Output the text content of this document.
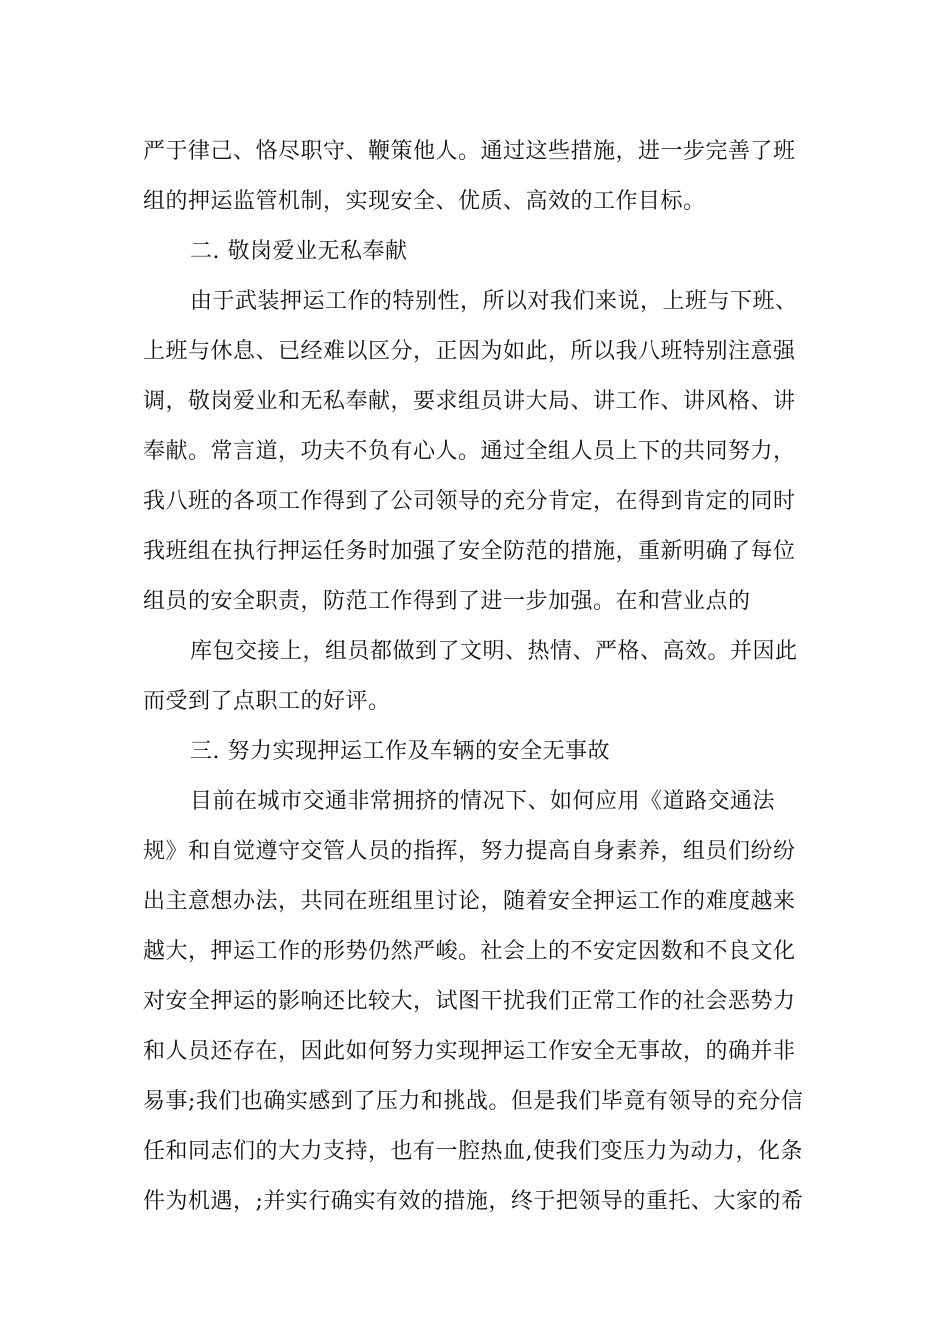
严于律己、恪尽职守、鞭策他人。通过这些措施，进一步完善了班
组的押运监管机制，实现安全、优质、高效的工作目标。
二. 敬岗爱业无私奉献
由于武装押运工作的特别性，所以对我们来说，上班与下班、
上班与休息、已经难以区分，正因为如此，所以我八班特别注意强
调，敬岗爱业和无私奉献，要求组员讲大局、讲工作、讲风格、讲
奉献。常言道，功夫不负有心人。通过全组人员上下的共同努力，
我八班的各项工作得到了公司领导的充分肯定，在得到肯定的同时
我班组在执行押运任务时加强了安全防范的措施，重新明确了每位
组员的安全职责，防范工作得到了进一步加强。在和营业点的
库包交接上，组员都做到了文明、热情、严格、高效。并因此
而受到了点职工的好评。
三. 努力实现押运工作及车辆的安全无事故
目前在城市交通非常拥挤的情况下、如何应用《道路交通法
规》和自觉遵守交管人员的指挥，努力提高自身素养，组员们纷纷
出主意想办法，共同在班组里讨论，随着安全押运工作的难度越来
越大，押运工作的形势仍然严峻。社会上的不安定因数和不良文化
对安全押运的影响还比较大，试图干扰我们正常工作的社会恶势力
和人员还存在，因此如何努力实现押运工作安全无事故，的确并非
易事;我们也确实感到了压力和挑战。但是我们毕竟有领导的充分信
任和同志们的大力支持，也有一腔热血,使我们变压力为动力，化条
件为机遇，;并实行确实有效的措施，终于把领导的重托、大家的希
